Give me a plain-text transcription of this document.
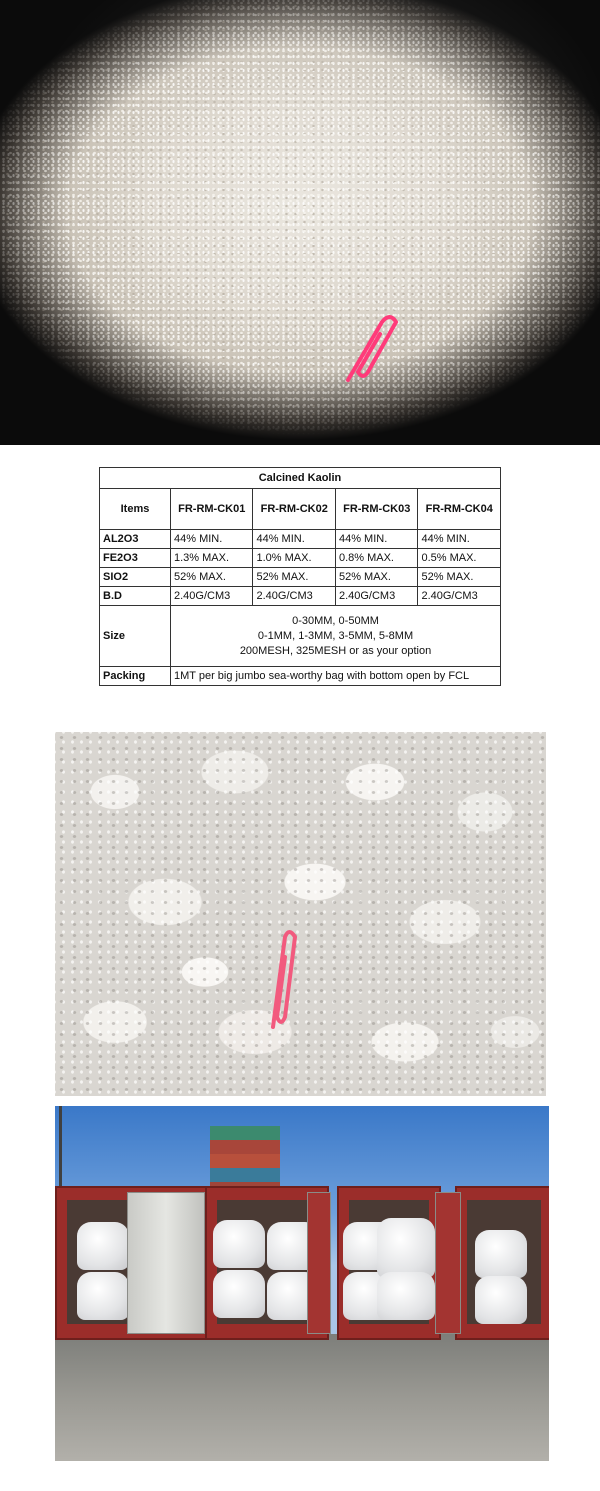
Calcined Kaolin				
Items	FR-RM-CK01	FR-RM-CK02	FR-RM-CK03	FR-RM-CK04
AL2O3	44% MIN.	44% MIN.	44% MIN.	44% MIN.
FE2O3	1.3% MAX.	1.0% MAX.	0.8% MAX.	0.5% MAX.
SIO2	52% MAX.	52% MAX.	52% MAX.	52% MAX.
B.D	2.40G/CM3	2.40G/CM3	2.40G/CM3	2.40G/CM3
Size	0-30MM, 0-50MM
0-1MM, 1-3MM, 3-5MM, 5-8MM
200MESH, 325MESH or as your option			

Packing	1MT per big jumbo sea-worthy bag with bottom open by FCL			
